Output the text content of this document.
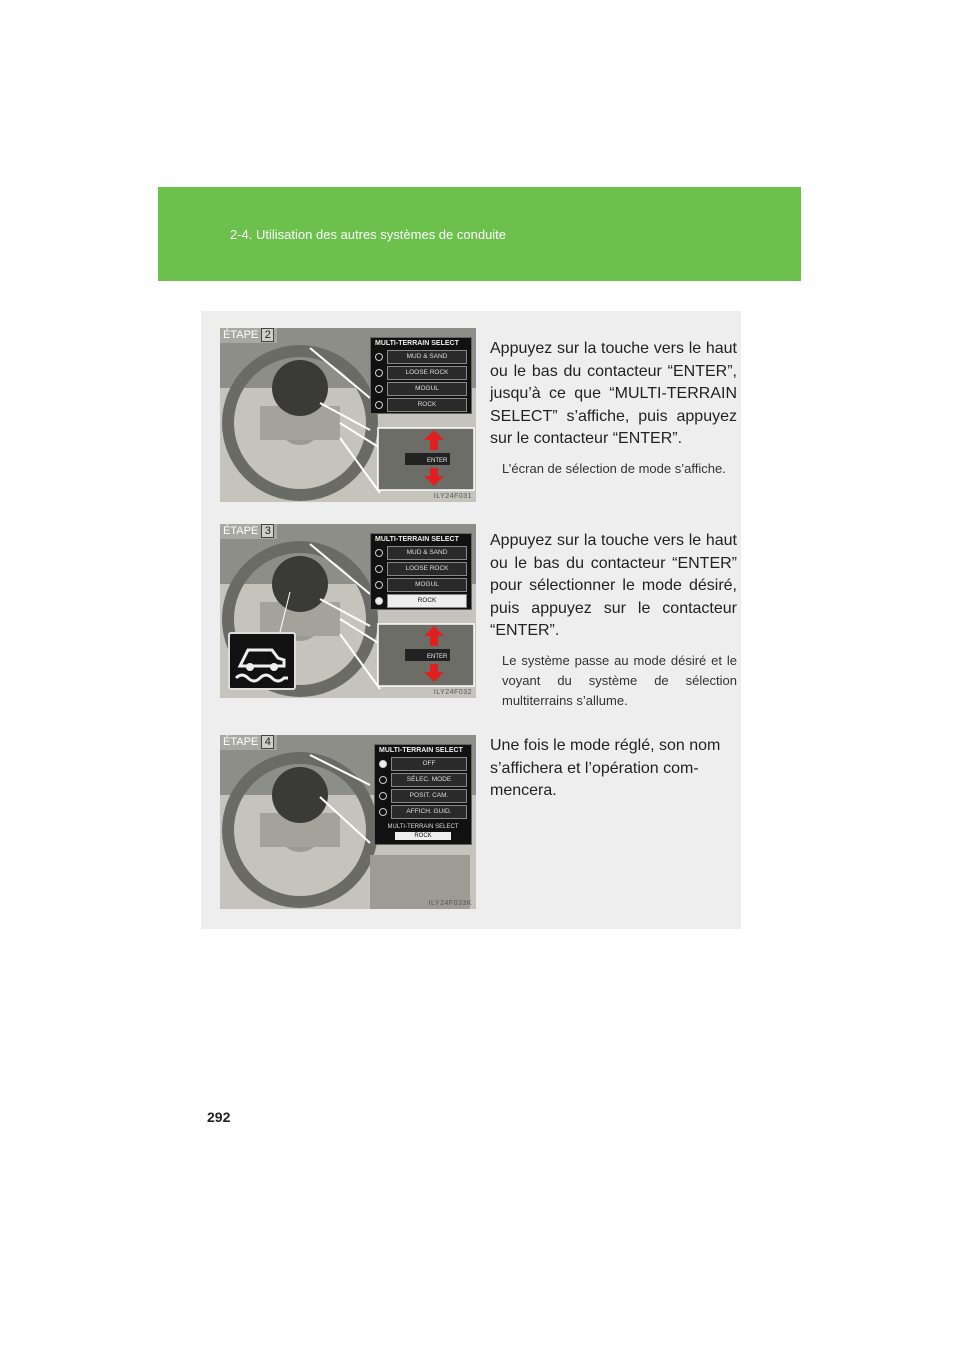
2-4. Utilisation des autres systèmes de conduite
ENTER
ÉTAPE 2
MULTI-TERRAIN SELECT
MUD & SAND
LOOSE ROCK
MOGUL
ROCK
ILY24F031

Appuyez sur la touche vers le haut ou le bas du contacteur “ENTER”, jusqu’à ce que “MULTI-TERRAIN SELECT” s’affiche, puis appuyez sur le contacteur “ENTER”.

L’écran de sélection de mode s’affiche.

ENTER
ÉTAPE 3
MULTI-TERRAIN SELECT
MUD & SAND
LOOSE ROCK
MOGUL
ROCK
ILY24F032

Appuyez sur la touche vers le haut ou le bas du contacteur “ENTER” pour sélectionner le mode désiré, puis appuyez sur le contacteur “ENTER”.

Le système passe au mode désiré et le voyant du système de sélection multiterrains s’allume.

ÉTAPE 4
MULTI-TERRAIN SELECT
OFF
SÉLEC. MODE
POSIT. CAM.
AFFICH. GUID.
MULTI-TERRAIN SELECT
ROCK
ILY24F033K

Une fois le mode réglé, son nom s’affichera et l’opération com-mencera.

292
